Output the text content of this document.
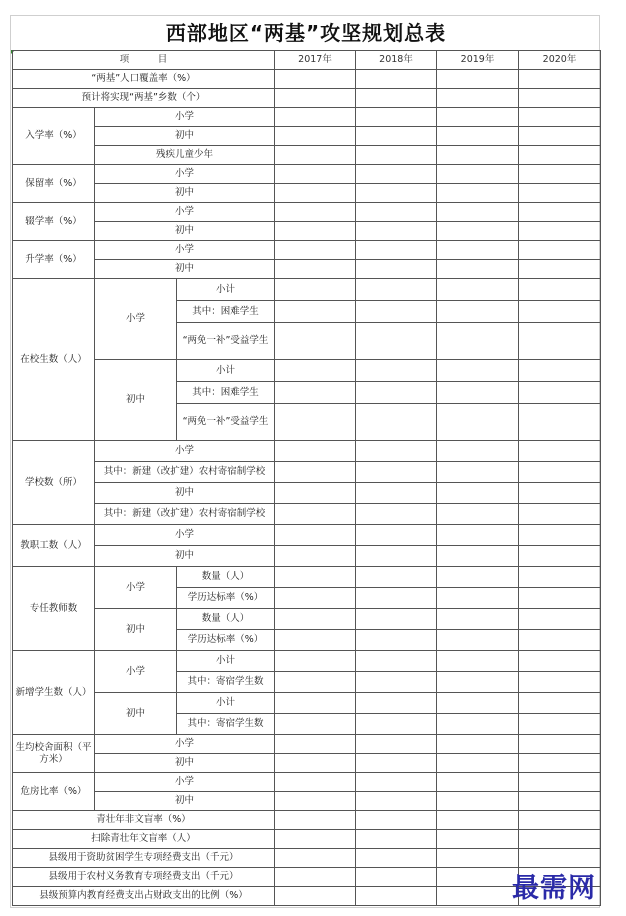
西部地区“两基”攻坚规划总表
项　　　目			2017年	2018年	2019年	2020年
“两基”人口覆盖率（%）						
预计将实现“两基”乡数（个）						
入学率（%）	小学					
	初中					
	残疾儿童少年					
保留率（%）	小学					
	初中					
辍学率（%）	小学					
	初中					
升学率（%）	小学					
	初中					
在校生数（人）	小学	小计				
		其中：困难学生				
		“两免一补”受益学生				
	初中	小计				
		其中：困难学生				
		“两免一补”受益学生				
学校数（所）	小学					
	其中：新建（改扩建）农村寄宿制学校					
	初中					
	其中：新建（改扩建）农村寄宿制学校					
教职工数（人）	小学					
	初中					
专任教师数	小学	数量（人）				
		学历达标率（%）				
	初中	数量（人）				
		学历达标率（%）				
新增学生数（人）	小学	小计				
		其中：寄宿学生数				
	初中	小计				
		其中：寄宿学生数				
生均校舍面积（平方米）	小学					
	初中					
危房比率（%）	小学					
	初中					
青壮年非文盲率（%）						
扫除青壮年文盲率（人）						
县级用于资助贫困学生专项经费支出（千元）						
县级用于农村义务教育专项经费支出（千元）						
县级预算内教育经费支出占财政支出的比例（%）							最需网
